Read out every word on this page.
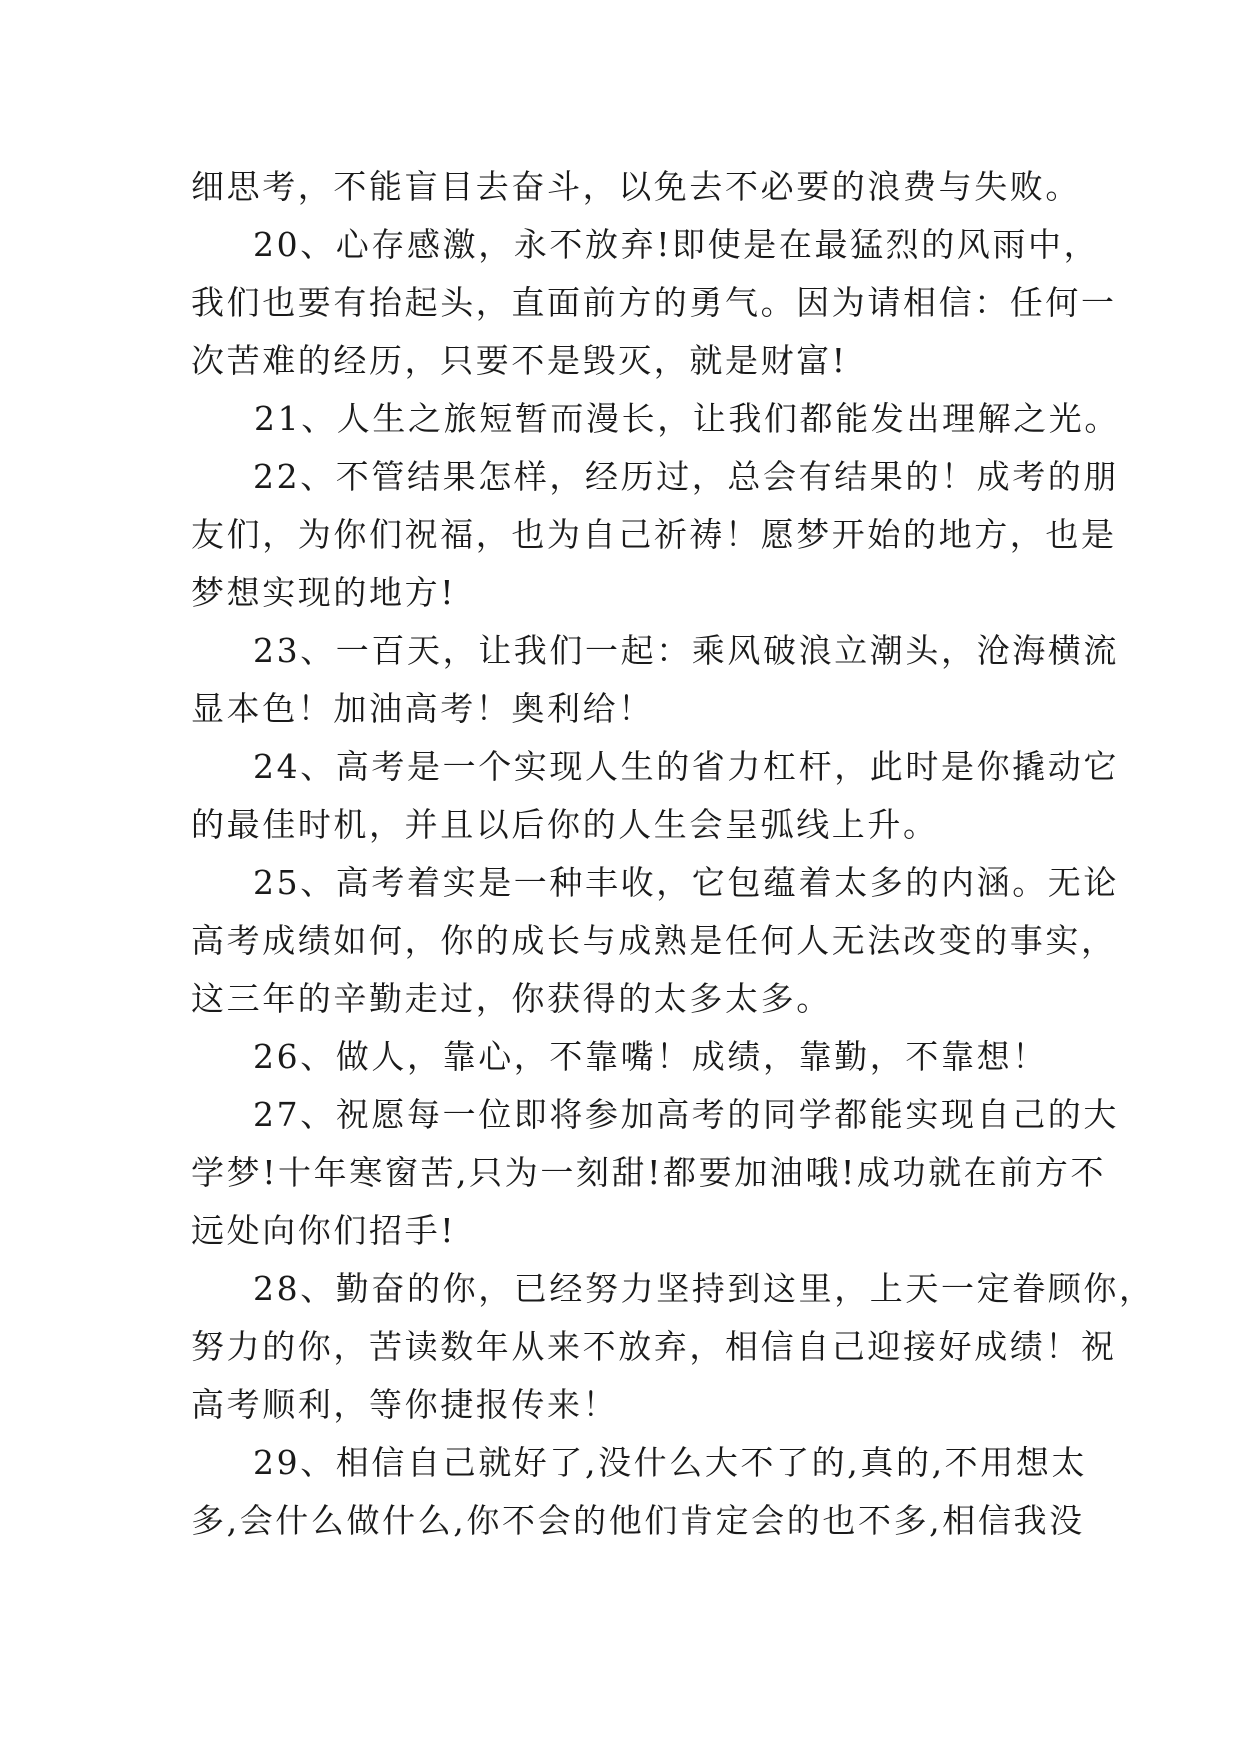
细思考，不能盲目去奋斗，以免去不必要的浪费与失败。
20、心存感激，永不放弃!即使是在最猛烈的风雨中，
我们也要有抬起头，直面前方的勇气。因为请相信：任何一
次苦难的经历，只要不是毁灭，就是财富!
21、人生之旅短暂而漫长，让我们都能发出理解之光。
22、不管结果怎样，经历过，总会有结果的！成考的朋
友们，为你们祝福，也为自己祈祷！愿梦开始的地方，也是
梦想实现的地方!
23、一百天，让我们一起：乘风破浪立潮头，沧海横流
显本色！加油高考！奥利给！
24、高考是一个实现人生的省力杠杆，此时是你撬动它
的最佳时机，并且以后你的人生会呈弧线上升。
25、高考着实是一种丰收，它包蕴着太多的内涵。无论
高考成绩如何，你的成长与成熟是任何人无法改变的事实，
这三年的辛勤走过，你获得的太多太多。
26、做人，靠心，不靠嘴！成绩，靠勤，不靠想！
27、祝愿每一位即将参加高考的同学都能实现自己的大
学梦!十年寒窗苦,只为一刻甜!都要加油哦!成功就在前方不
远处向你们招手!
28、勤奋的你，已经努力坚持到这里，上天一定眷顾你，
努力的你，苦读数年从来不放弃，相信自己迎接好成绩！祝
高考顺利，等你捷报传来！
29、相信自己就好了,没什么大不了的,真的,不用想太
多,会什么做什么,你不会的他们肯定会的也不多,相信我没
